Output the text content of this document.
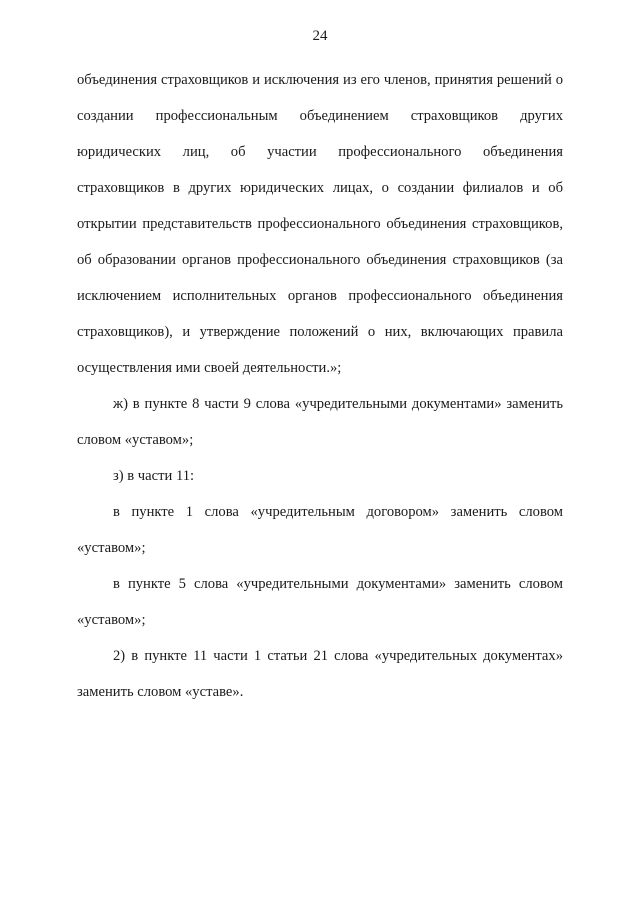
24

объединения страховщиков и исключения из его членов, принятия решений о создании профессиональным объединением страховщиков других юридических лиц, об участии профессионального объединения страховщиков в других юридических лицах, о создании филиалов и об открытии представительств профессионального объединения страховщиков, об образовании органов профессионального объединения страховщиков (за исключением исполнительных органов профессионального объединения страховщиков), и утверждение положений о них, включающих правила осуществления ими своей деятельности.»;

ж) в пункте 8 части 9 слова «учредительными документами» заменить словом «уставом»;

з) в части 11:

в пункте 1 слова «учредительным договором» заменить словом «уставом»;

в пункте 5 слова «учредительными документами» заменить словом «уставом»;

2) в пункте 11 части 1 статьи 21 слова «учредительных документах» заменить словом «уставе».
